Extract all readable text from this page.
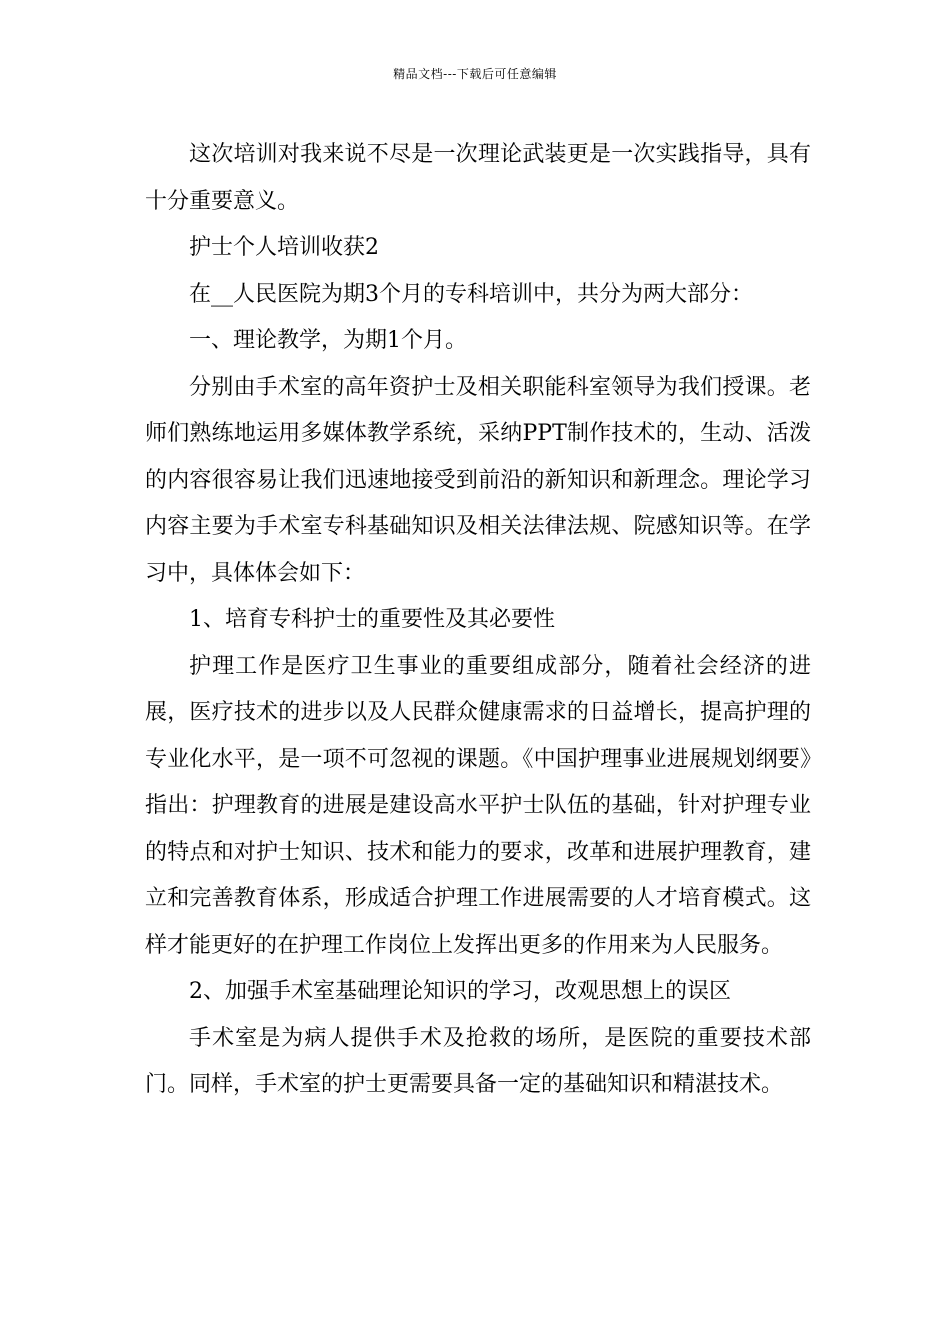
精品文档---下载后可任意编辑

这次培训对我来说不尽是一次理论武装更是一次实践指导，具有十分重要意义。

护士个人培训收获2

在__人民医院为期3个月的专科培训中，共分为两大部分：

一、理论教学，为期1个月。

分别由手术室的高年资护士及相关职能科室领导为我们授课。老师们熟练地运用多媒体教学系统，采纳PPT制作技术的，生动、活泼的内容很容易让我们迅速地接受到前沿的新知识和新理念。理论学习内容主要为手术室专科基础知识及相关法律法规、院感知识等。在学习中，具体体会如下：

1、培育专科护士的重要性及其必要性

护理工作是医疗卫生事业的重要组成部分，随着社会经济的进展，医疗技术的进步以及人民群众健康需求的日益增长，提高护理的专业化水平，是一项不可忽视的课题。《中国护理事业进展规划纲要》指出：护理教育的进展是建设高水平护士队伍的基础，针对护理专业的特点和对护士知识、技术和能力的要求，改革和进展护理教育，建立和完善教育体系，形成适合护理工作进展需要的人才培育模式。这样才能更好的在护理工作岗位上发挥出更多的作用来为人民服务。

2、加强手术室基础理论知识的学习，改观思想上的误区

手术室是为病人提供手术及抢救的场所，是医院的重要技术部门。同样，手术室的护士更需要具备一定的基础知识和精湛技术。
